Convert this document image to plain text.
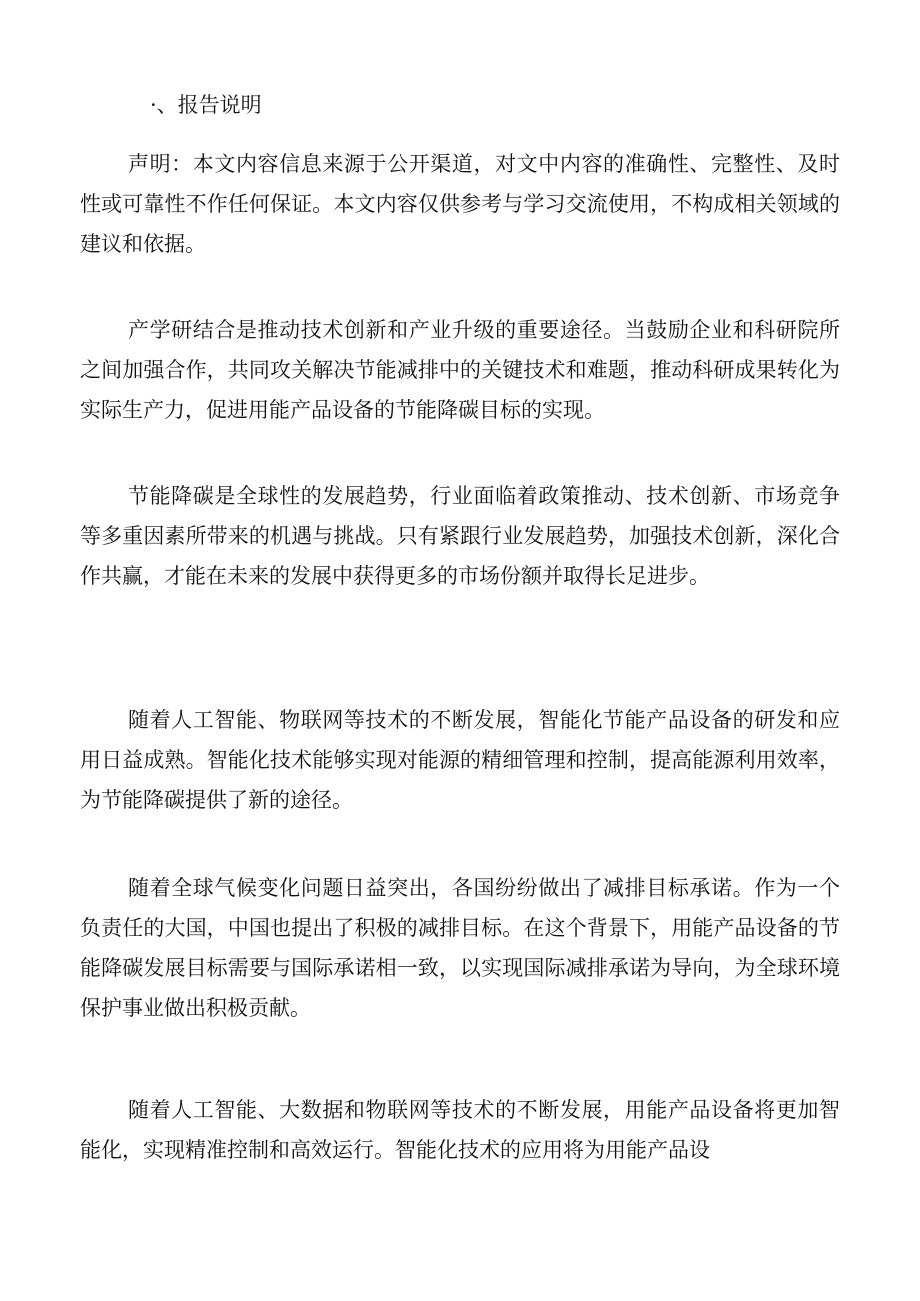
·、报告说明

声明：本文内容信息来源于公开渠道，对文中内容的准确性、完整性、及时性或可靠性不作任何保证。本文内容仅供参考与学习交流使用，不构成相关领域的建议和依据。

产学研结合是推动技术创新和产业升级的重要途径。当鼓励企业和科研院所之间加强合作，共同攻关解决节能减排中的关键技术和难题，推动科研成果转化为实际生产力，促进用能产品设备的节能降碳目标的实现。

节能降碳是全球性的发展趋势，行业面临着政策推动、技术创新、市场竞争等多重因素所带来的机遇与挑战。只有紧跟行业发展趋势，加强技术创新，深化合作共赢，才能在未来的发展中获得更多的市场份额并取得长足进步。

随着人工智能、物联网等技术的不断发展，智能化节能产品设备的研发和应用日益成熟。智能化技术能够实现对能源的精细管理和控制，提高能源利用效率，为节能降碳提供了新的途径。

随着全球气候变化问题日益突出，各国纷纷做出了减排目标承诺。作为一个负责任的大国，中国也提出了积极的减排目标。在这个背景下，用能产品设备的节能降碳发展目标需要与国际承诺相一致，以实现国际减排承诺为导向，为全球环境保护事业做出积极贡献。

随着人工智能、大数据和物联网等技术的不断发展，用能产品设备将更加智能化，实现精准控制和高效运行。智能化技术的应用将为用能产品设
